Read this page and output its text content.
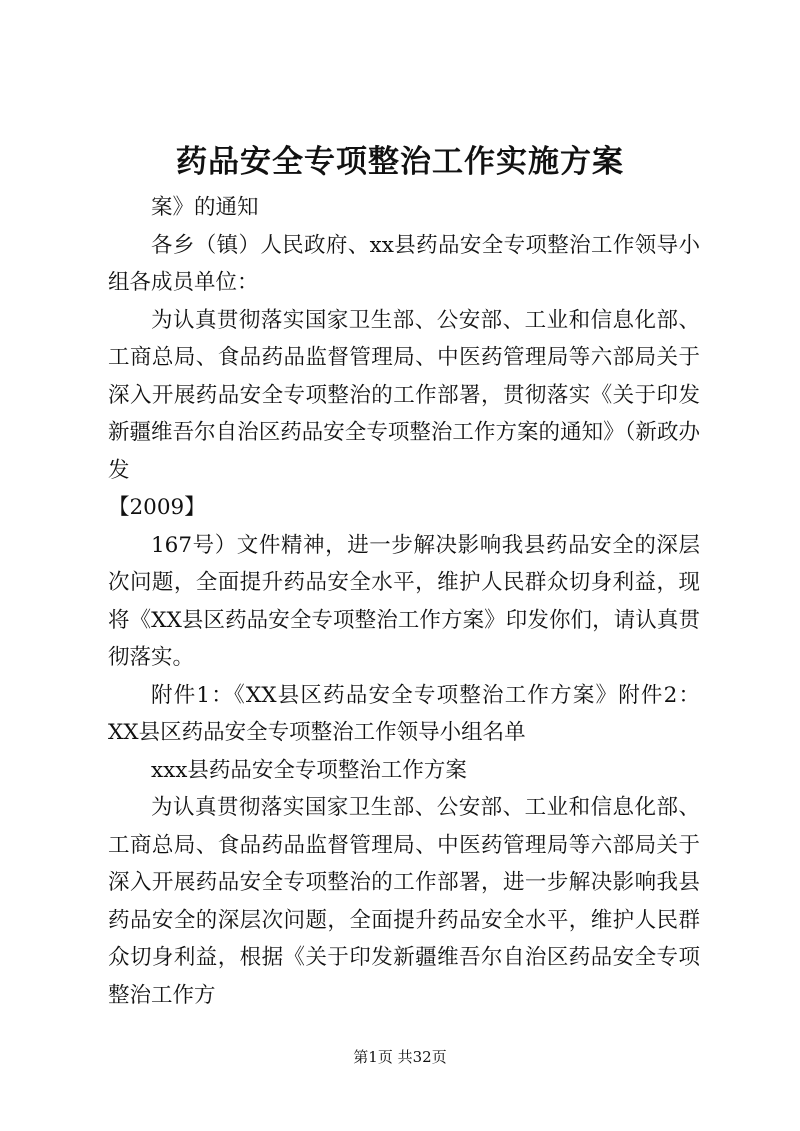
药品安全专项整治工作实施方案

案》的通知

各乡（镇）人民政府、xx县药品安全专项整治工作领导小组各成员单位：

为认真贯彻落实国家卫生部、公安部、工业和信息化部、工商总局、食品药品监督管理局、中医药管理局等六部局关于深入开展药品安全专项整治的工作部署，贯彻落实《关于印发新疆维吾尔自治区药品安全专项整治工作方案的通知》（新政办发

【2009】

167号）文件精神，进一步解决影响我县药品安全的深层次问题，全面提升药品安全水平，维护人民群众切身利益，现将《XX县区药品安全专项整治工作方案》印发你们，请认真贯彻落实。

附件1：《XX县区药品安全专项整治工作方案》附件2：XX县区药品安全专项整治工作领导小组名单

xxx县药品安全专项整治工作方案

为认真贯彻落实国家卫生部、公安部、工业和信息化部、工商总局、食品药品监督管理局、中医药管理局等六部局关于深入开展药品安全专项整治的工作部署，进一步解决影响我县药品安全的深层次问题，全面提升药品安全水平，维护人民群众切身利益，根据《关于印发新疆维吾尔自治区药品安全专项整治工作方

第1页 共32页
